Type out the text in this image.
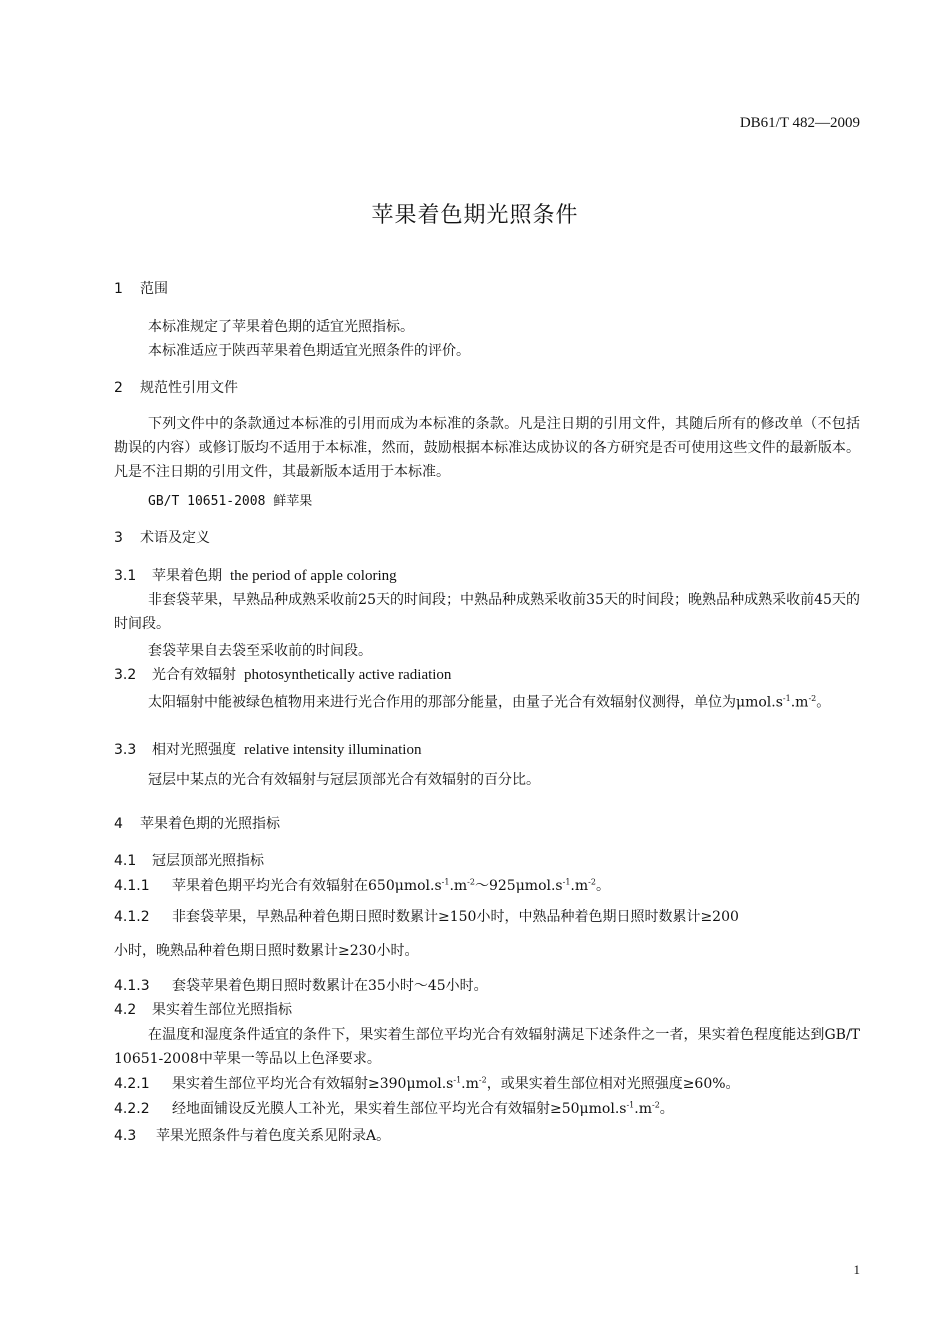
DB61/T 482—2009
苹果着色期光照条件
1 范围
本标准规定了苹果着色期的适宜光照指标。
本标准适应于陕西苹果着色期适宜光照条件的评价。
2 规范性引用文件
下列文件中的条款通过本标准的引用而成为本标准的条款。凡是注日期的引用文件，其随后所有的修改单（不包括勘误的内容）或修订版均不适用于本标准，然而，鼓励根据本标准达成协议的各方研究是否可使用这些文件的最新版本。凡是不注日期的引用文件，其最新版本适用于本标准。
GB/T 10651-2008 鲜苹果
3 术语及定义
3.1 苹果着色期 the period of apple coloring
非套袋苹果，早熟品种成熟采收前25天的时间段；中熟品种成熟采收前35天的时间段；晚熟品种成熟采收前45天的时间段。
套袋苹果自去袋至采收前的时间段。
3.2 光合有效辐射 photosynthetically active radiation
太阳辐射中能被绿色植物用来进行光合作用的那部分能量，由量子光合有效辐射仪测得，单位为$\mu mol.s^{-1}.m^{-2}$。
3.3 相对光照强度 relative intensity illumination
冠层中某点的光合有效辐射与冠层顶部光合有效辐射的百分比。
4 苹果着色期的光照指标
4.1 冠层顶部光照指标
4.1.1 苹果着色期平均光合有效辐射在$650\mu mol.s^{-1}.m^{-2}\sim 925\mu mol.s^{-1}.m^{-2}$。
4.1.2 非套袋苹果，早熟品种着色期日照时数累计≥150小时，中熟品种着色期日照时数累计≥200
小时，晚熟品种着色期日照时数累计≥230小时。
4.1.3 套袋苹果着色期日照时数累计在35小时～45小时。
4.2 果实着生部位光照指标
在温度和湿度条件适宜的条件下，果实着生部位平均光合有效辐射满足下述条件之一者，果实着色程度能达到GB/T 10651-2008中苹果一等品以上色泽要求。
4.2.1 果实着生部位平均光合有效辐射$\ge 390\mu mol.s^{-1}.m^{-2}$，或果实着生部位相对光照强度≥60%。
4.2.2 经地面铺设反光膜人工补光，果实着生部位平均光合有效辐射$\ge 50\mu mol.s^{-1}.m^{-2}$。
4.3 苹果光照条件与着色度关系见附录A。
1
